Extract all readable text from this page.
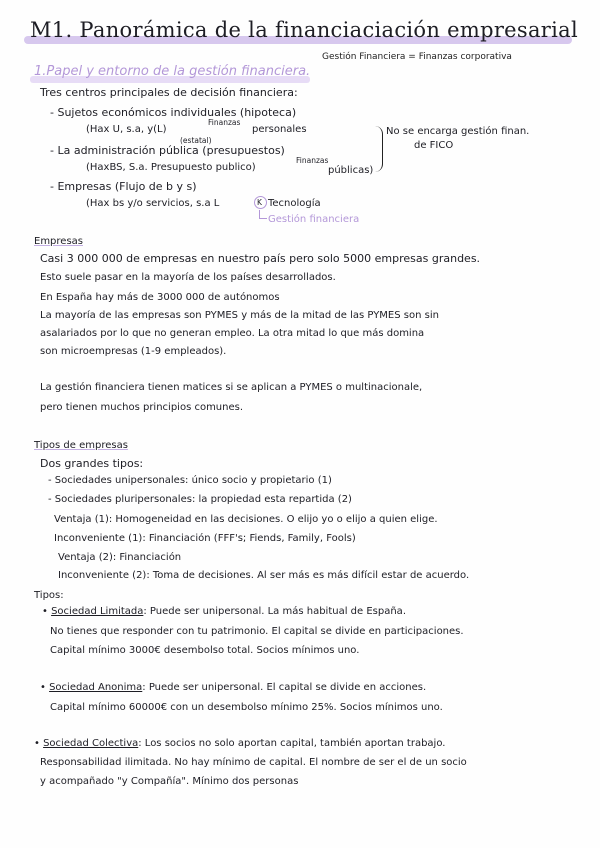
M1. Panorámica de la financiaciación empresarial
Gestión Financiera = Finanzas corporativa
1.Papel y entorno de la gestión financiera.
Tres centros principales de decisión financiera:
- Sujetos económicos individuales (hipoteca)
(Hax U, s.a, y(L)
Finanzas
personales
(estatal)
- La administración pública (presupuestos)
(HaxBS, S.a. Presupuesto publico)
Finanzas
públicas)
No se encarga gestión finan.
de FICO
- Empresas (Flujo de b y s)
(Hax bs y/o servicios, s.a L	K Tecnología
Gestión financiera
Empresas
Casi 3 000 000 de empresas en nuestro país pero solo 5000 empresas grandes.
Esto suele pasar en la mayoría de los países desarrollados.
En España hay más de 3000 000 de autónomos
La mayoría de las empresas son PYMES y más de la mitad de las PYMES son sin
asalariados por lo que no generan empleo. La otra mitad lo que más domina
son microempresas (1-9 empleados).
La gestión financiera tienen matices si se aplican a PYMES o multinacionale,
pero tienen muchos principios comunes.
Tipos de empresas
Dos grandes tipos:
- Sociedades unipersonales: único socio y propietario (1)
- Sociedades pluripersonales: la propiedad esta repartida (2)
Ventaja (1): Homogeneidad en las decisiones. O elijo yo o elijo a quien elige.
Inconveniente (1): Financiación (FFF's; Fiends, Family, Fools)
Ventaja (2): Financiación
Inconveniente (2): Toma de decisiones. Al ser más es más difícil estar de acuerdo.
Tipos:
• Sociedad Limitada: Puede ser unipersonal. La más habitual de España.
No tienes que responder con tu patrimonio. El capital se divide en participaciones.
Capital mínimo 3000€ desembolso total. Socios mínimos uno.
• Sociedad Anonima: Puede ser unipersonal. El capital se divide en acciones.
Capital mínimo 60000€ con un desembolso mínimo 25%. Socios mínimos uno.
• Sociedad Colectiva: Los socios no solo aportan capital, también aportan trabajo.
Responsabilidad ilimitada. No hay mínimo de capital. El nombre de ser el de un socio
y acompañado "y Compañía". Mínimo dos personas
